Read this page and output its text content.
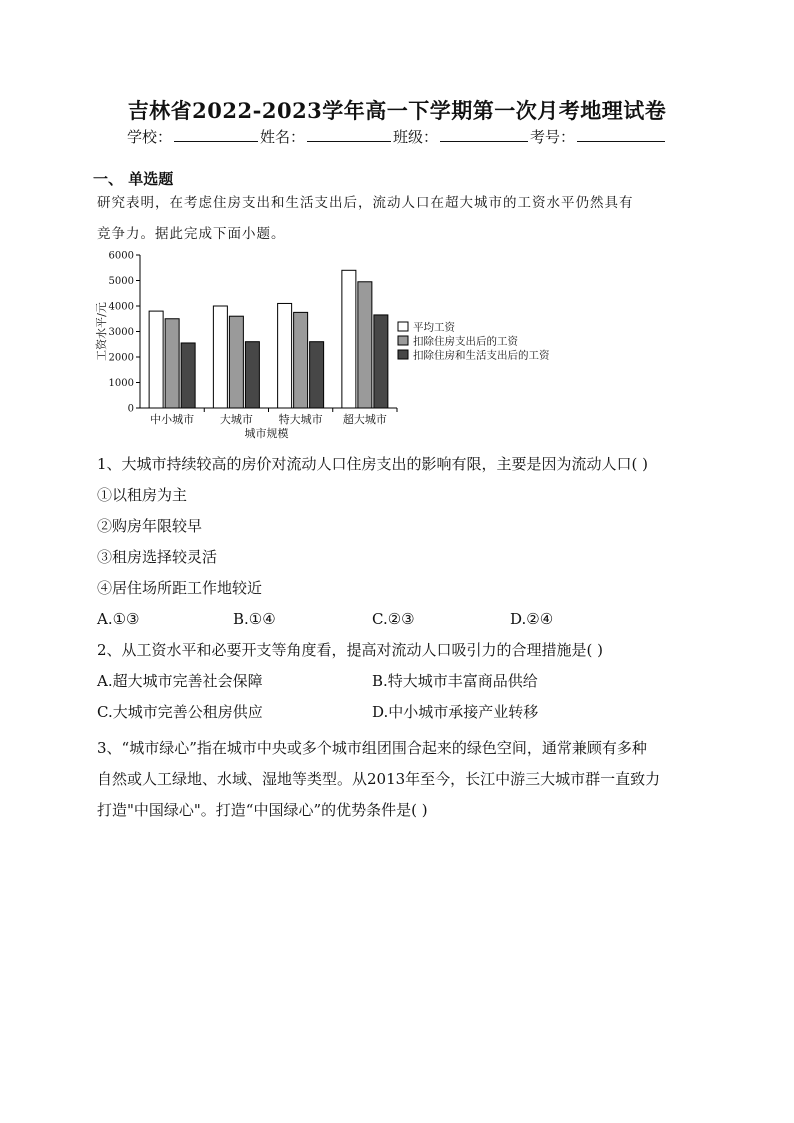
吉林省2022-2023学年高一下学期第一次月考地理试卷
学校：	姓名：	班级：	考号：
一、 单选题
研究表明，在考虑住房支出和生活支出后，流动人口在超大城市的工资水平仍然具有
竞争力。据此完成下面小题。
0
1000
2000
3000
4000
5000
6000
工资水平/元
中小城市 大城市 特大城市 超大城市
城市规模
平均工资
扣除住房支出后的工资
扣除住房和生活支出后的工资
1、大城市持续较高的房价对流动人口住房支出的影响有限，主要是因为流动人口( )
①以租房为主
②购房年限较早
③租房选择较灵活
④居住场所距工作地较近
A.①③	B.①④	C.②③	D.②④
2、从工资水平和必要开支等角度看，提高对流动人口吸引力的合理措施是( )
A.超大城市完善社会保障	B.特大城市丰富商品供给
C.大城市完善公租房供应	D.中小城市承接产业转移
3、“城市绿心”指在城市中央或多个城市组团围合起来的绿色空间，通常兼顾有多种
自然或人工绿地、水域、湿地等类型。从2013年至今，长江中游三大城市群一直致力
打造"中国绿心"。打造“中国绿心”的优势条件是( )
